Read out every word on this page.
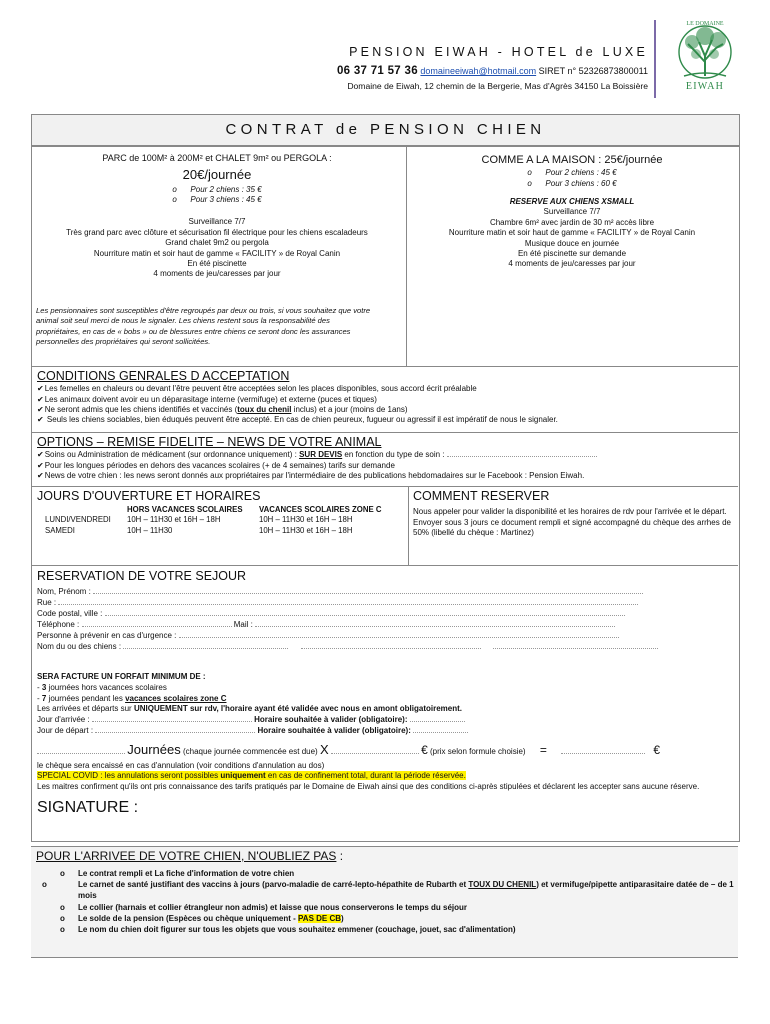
PENSION EIWAH - HOTEL de LUXE
06 37 71 57 36 domaineeiwah@hotmail.com SIRET n° 52326873800011
Domaine de Eiwah, 12 chemin de la Bergerie, Mas d'Agrès 34150 La Boissière
LE DOMAINE
EIWAH
CONTRAT de PENSION CHIEN
PARC de 100M² à 200M² et CHALET 9m² ou PERGOLA :
20€/journée
o Pour 2 chiens : 35 €
o Pour 3 chiens : 45 €
Surveillance 7/7
Très grand parc avec clôture et sécurisation fil électrique pour les chiens escaladeurs
Grand chalet 9m2 ou pergola
Nourriture matin et soir haut de gamme « FACILITY » de Royal Canin
En été piscinette
4 moments de jeu/caresses par jour
Les pensionnaires sont susceptibles d'être regroupés par deux ou trois, si vous souhaitez que votre animal soit seul merci de nous le signaler. Les chiens restent sous la responsabilité des propriétaires, en cas de « bobs » ou de blessures entre chiens ce seront donc les assurances personnelles des propriétaires qui seront sollicitées.
COMME A LA MAISON : 25€/journée
o Pour 2 chiens : 45 €
o Pour 3 chiens : 60 €
RESERVE AUX CHIENS XSMALL
Surveillance 7/7
Chambre 6m² avec jardin de 30 m² accès libre
Nourriture matin et soir haut de gamme « FACILITY » de Royal Canin
Musique douce en journée
En été piscinette sur demande
4 moments de jeu/caresses par jour
CONDITIONS GENRALES D ACCEPTATION
✔ Les femelles en chaleurs ou devant l'être peuvent être acceptées selon les places disponibles, sous accord écrit préalable
✔ Les animaux doivent avoir eu un déparasitage interne (vermifuge) et externe (puces et tiques)
✔ Ne seront admis que les chiens identifiés et vaccinés (toux du chenil inclus) et a jour (moins de 1ans)
✔ Seuls les chiens sociables, bien éduqués peuvent être accepté. En cas de chien peureux, fugueur ou agressif il est impératif de nous le signaler.
OPTIONS – REMISE FIDELITE – NEWS DE VOTRE ANIMAL
✔ Soins ou Administration de médicament (sur ordonnance uniquement) : SUR DEVIS en fonction du type de soin :
✔ Pour les longues périodes en dehors des vacances scolaires (+ de 4 semaines) tarifs sur demande
✔ News de votre chien : les news seront donnés aux propriétaires par l'intermédiaire de des publications hebdomadaires sur le Facebook : Pension Eiwah.
JOURS D'OUVERTURE ET HORAIRES
	HORS VACANCES SCOLAIRES	VACANCES SCOLAIRES ZONE C
LUNDI/VENDREDI	10H – 11H30 et 16H – 18H	10H – 11H30 et 16H – 18H
SAMEDI	10H – 11H30	10H – 11H30 et 16H – 18H
COMMENT RESERVER
Nous appeler pour valider la disponibilité et les horaires de rdv pour l'arrivée et le départ.
Envoyer sous 3 jours ce document rempli et signé accompagné du chèque des arrhes de 50% (libellé du chèque : Martinez)
RESERVATION DE VOTRE SEJOUR
Nom, Prénom :
Rue :
Code postal, ville :
Téléphone :	Mail :
Personne à prévenir en cas d'urgence :
Nom du ou des chiens :
SERA FACTURE UN FORFAIT MINIMUM DE :
- 3 journées hors vacances scolaires
- 7 journées pendant les vacances scolaires zone C
Les arrivées et départs sur UNIQUEMENT sur rdv, l'horaire ayant été validée avec nous en amont obligatoirement.
Jour d'arrivée :	Horaire souhaitée à valider (obligatoire):
Jour de départ :	Horaire souhaitée à valider (obligatoire):
Journées (chaque journée commencée est due) X	€ (prix selon formule choisie) =	€
le chèque sera encaissé en cas d'annulation (voir conditions d'annulation au dos)
SPECIAL COVID : les annulations seront possibles uniquement en cas de confinement total, durant la période réservée.
Les maitres confirment qu'ils ont pris connaissance des tarifs pratiqués par le Domaine de Eiwah ainsi que des conditions ci-après stipulées et déclarent les accepter sans aucune réserve.
SIGNATURE :
POUR L'ARRIVEE DE VOTRE CHIEN, N'OUBLIEZ PAS :
o Le contrat rempli et La fiche d'information de votre chien
o Le carnet de santé justifiant des vaccins à jours (parvo-maladie de carré-lepto-hépathite de Rubarth et TOUX DU CHENIL) et vermifuge/pipette antiparasitaire datée de – de 1 mois
o Le collier (harnais et collier étrangleur non admis) et laisse que nous conserverons le temps du séjour
o Le solde de la pension (Espèces ou chèque uniquement - PAS DE CB)
o Le nom du chien doit figurer sur tous les objets que vous souhaitez emmener (couchage, jouet, sac d'alimentation)
